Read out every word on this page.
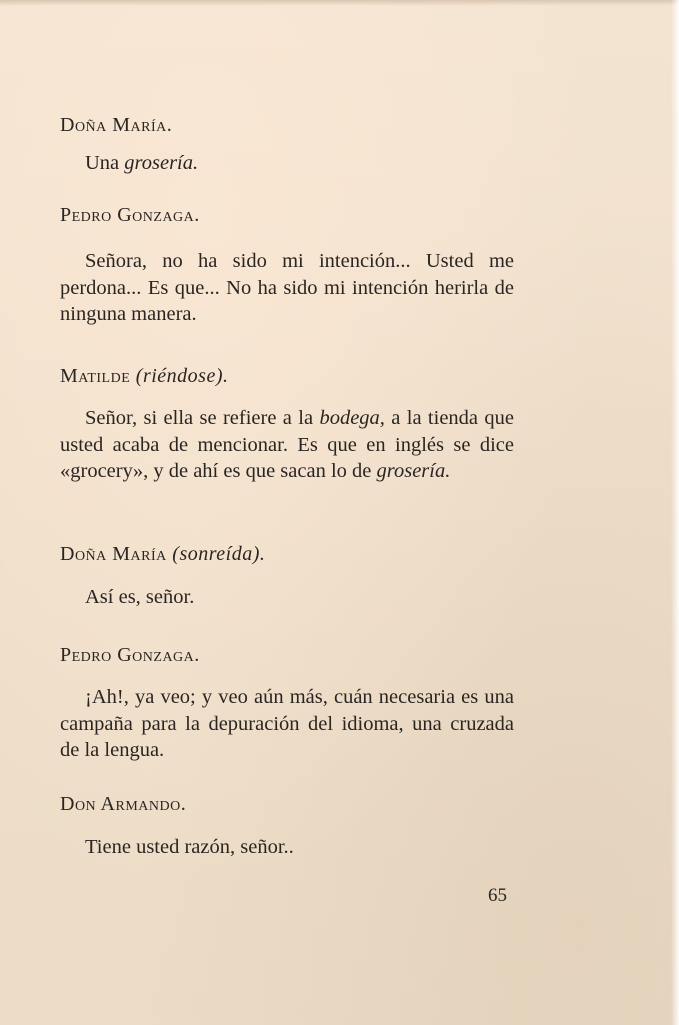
Doña María.

Una grosería.

Pedro Gonzaga.

Señora, no ha sido mi intención... Usted me perdona... Es que... No ha sido mi intención herirla de ninguna manera.

Matilde (riéndose).

Señor, si ella se refiere a la bodega, a la tienda que usted acaba de mencionar. Es que en inglés se dice «grocery», y de ahí es que sacan lo de grosería.

Doña María (sonreída).

Así es, señor.

Pedro Gonzaga.

¡Ah!, ya veo; y veo aún más, cuán necesaria es una campaña para la depuración del idioma, una cruzada de la lengua.

Don Armando.

Tiene usted razón, señor..

65
